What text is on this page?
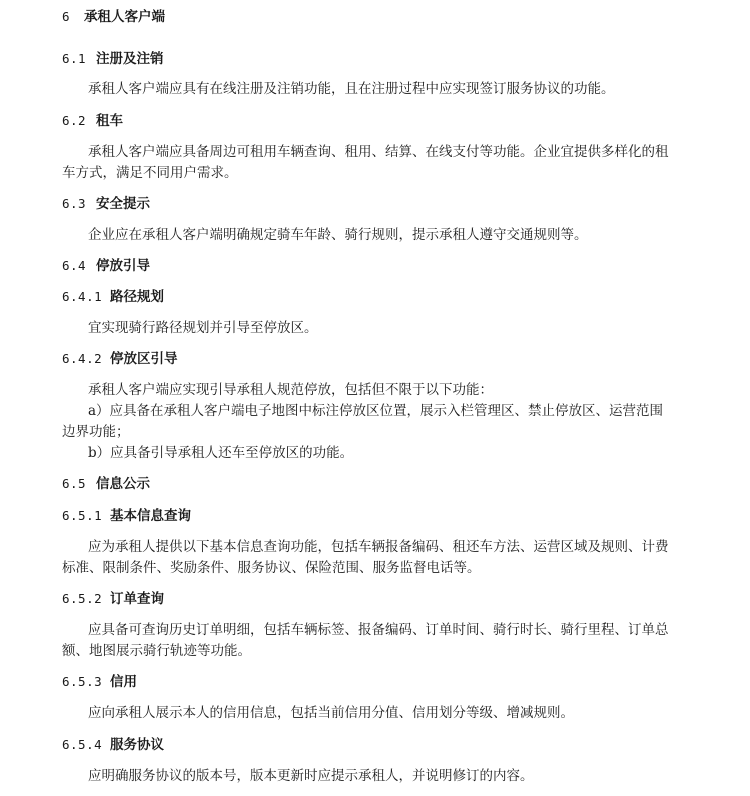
6 承租人客户端
6.1 注册及注销
承租人客户端应具有在线注册及注销功能，且在注册过程中应实现签订服务协议的功能。
6.2 租车
承租人客户端应具备周边可租用车辆查询、租用、结算、在线支付等功能。企业宜提供多样化的租
车方式，满足不同用户需求。
6.3 安全提示
企业应在承租人客户端明确规定骑车年龄、骑行规则，提示承租人遵守交通规则等。
6.4 停放引导
6.4.1 路径规划
宜实现骑行路径规划并引导至停放区。
6.4.2 停放区引导
承租人客户端应实现引导承租人规范停放，包括但不限于以下功能：
a）应具备在承租人客户端电子地图中标注停放区位置，展示入栏管理区、禁止停放区、运营范围
边界功能；
b）应具备引导承租人还车至停放区的功能。
6.5 信息公示
6.5.1 基本信息查询
应为承租人提供以下基本信息查询功能，包括车辆报备编码、租还车方法、运营区域及规则、计费
标准、限制条件、奖励条件、服务协议、保险范围、服务监督电话等。
6.5.2 订单查询
应具备可查询历史订单明细，包括车辆标签、报备编码、订单时间、骑行时长、骑行里程、订单总
额、地图展示骑行轨迹等功能。
6.5.3 信用
应向承租人展示本人的信用信息，包括当前信用分值、信用划分等级、增减规则。
6.5.4 服务协议
应明确服务协议的版本号，版本更新时应提示承租人，并说明修订的内容。
